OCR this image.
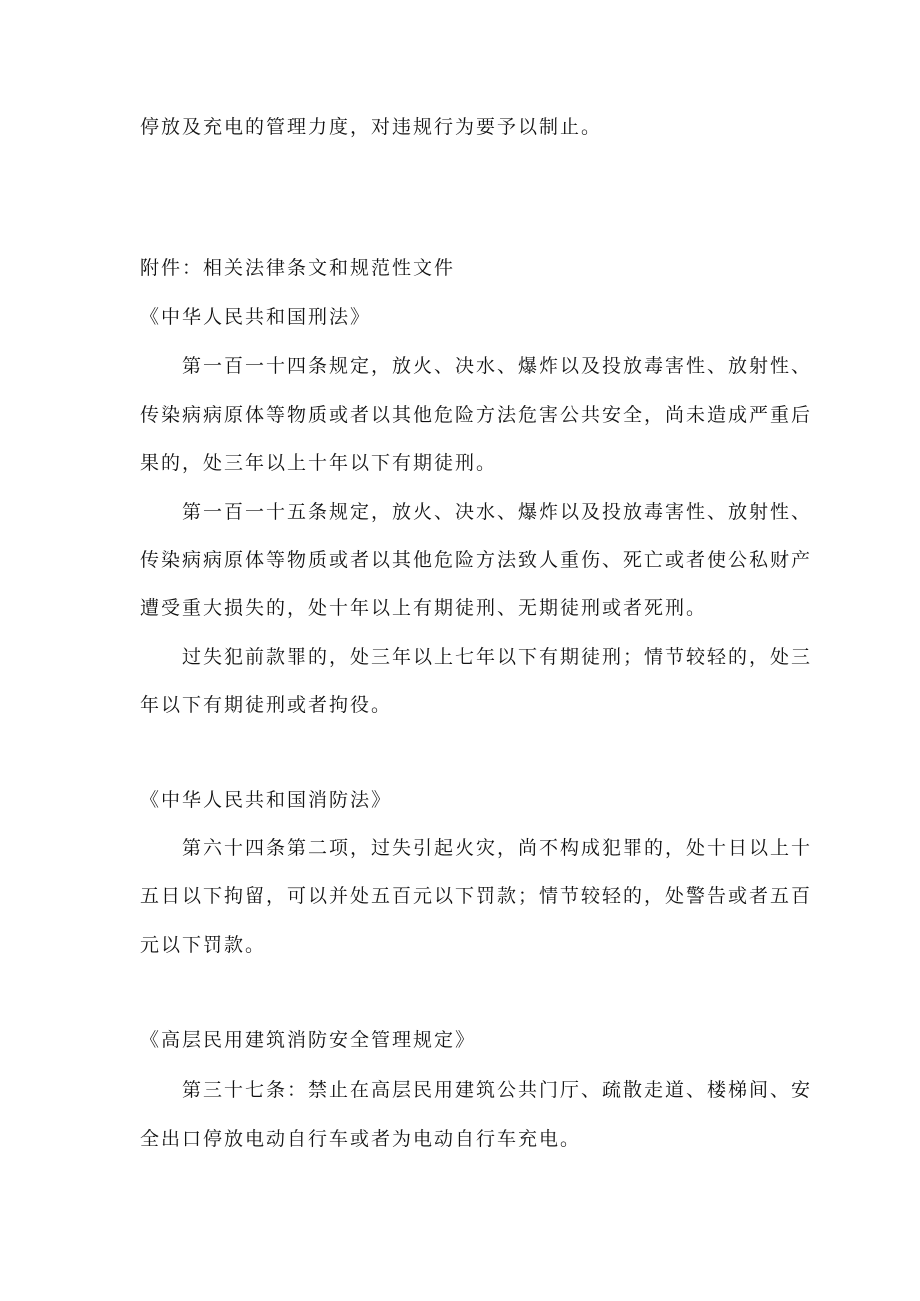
停放及充电的管理力度，对违规行为要予以制止。

附件：相关法律条文和规范性文件

《中华人民共和国刑法》

第一百一十四条规定，放火、决水、爆炸以及投放毒害性、放射性、

传染病病原体等物质或者以其他危险方法危害公共安全，尚未造成严重后

果的，处三年以上十年以下有期徒刑。

第一百一十五条规定，放火、决水、爆炸以及投放毒害性、放射性、

传染病病原体等物质或者以其他危险方法致人重伤、死亡或者使公私财产

遭受重大损失的，处十年以上有期徒刑、无期徒刑或者死刑。

过失犯前款罪的，处三年以上七年以下有期徒刑；情节较轻的，处三

年以下有期徒刑或者拘役。

《中华人民共和国消防法》

第六十四条第二项，过失引起火灾，尚不构成犯罪的，处十日以上十

五日以下拘留，可以并处五百元以下罚款；情节较轻的，处警告或者五百

元以下罚款。

《高层民用建筑消防安全管理规定》

第三十七条：禁止在高层民用建筑公共门厅、疏散走道、楼梯间、安

全出口停放电动自行车或者为电动自行车充电。
